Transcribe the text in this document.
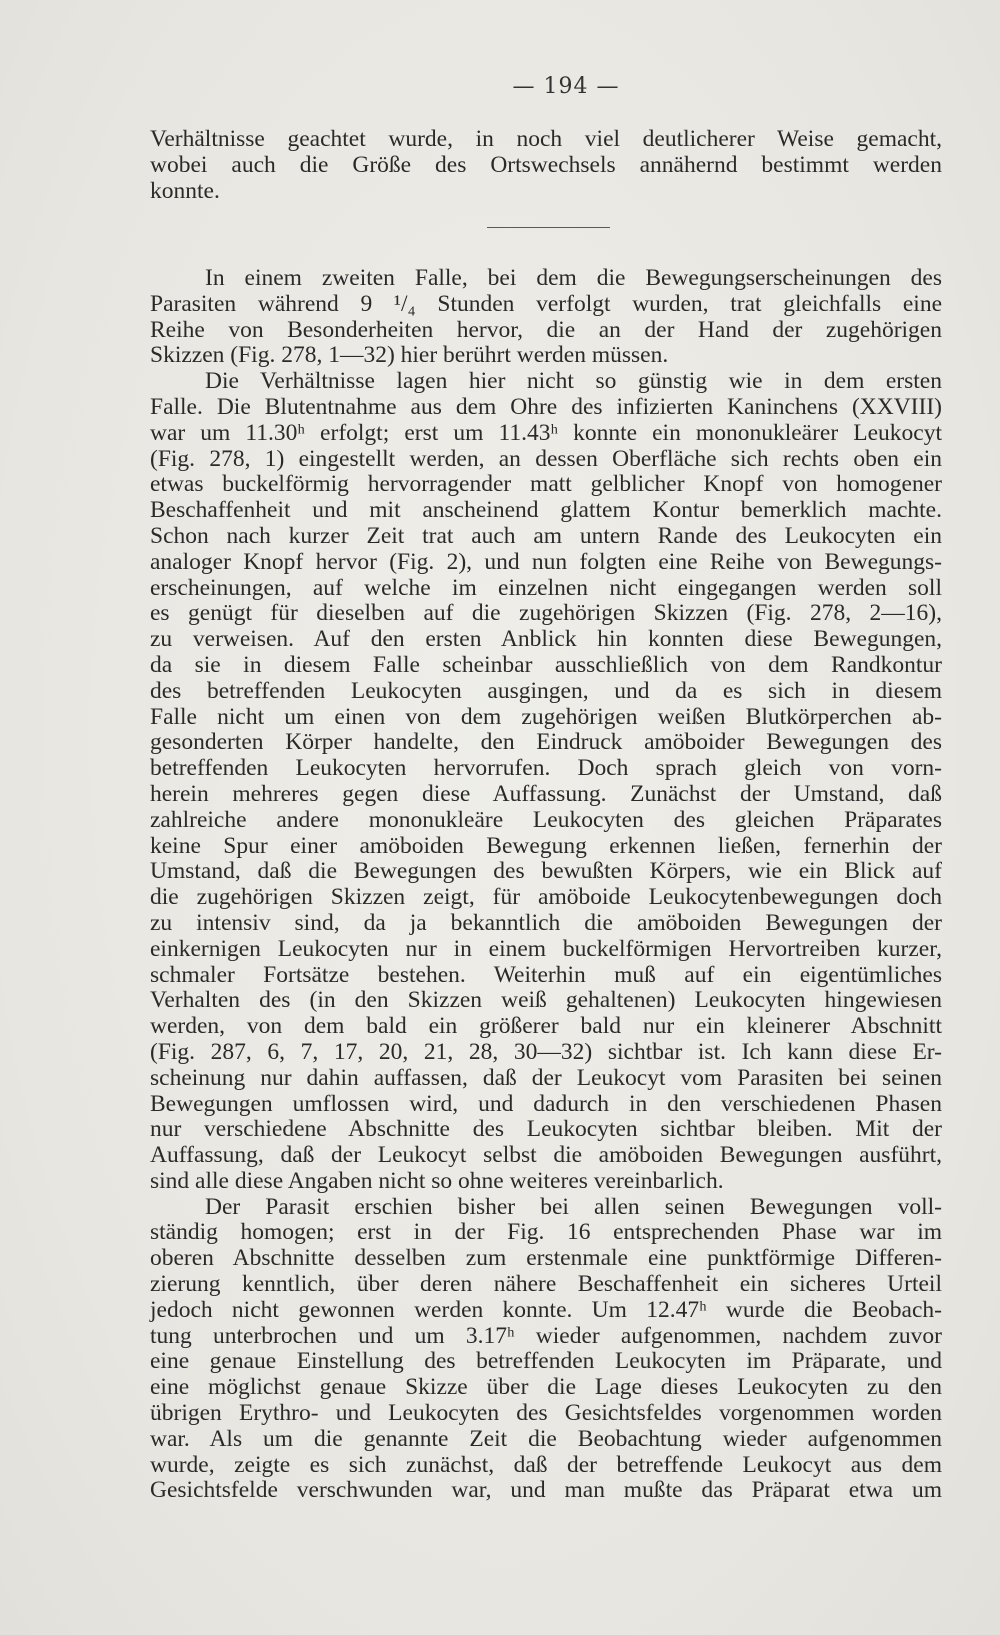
— 194 —
Verhältnisse geachtet wurde, in noch viel deutlicherer Weise gemacht,
wobei auch die Größe des Ortswechsels annähernd bestimmt werden
konnte.
In einem zweiten Falle, bei dem die Bewegungserscheinungen des
Parasiten während 9 ¹/₄ Stunden verfolgt wurden, trat gleichfalls eine
Reihe von Besonderheiten hervor, die an der Hand der zugehörigen
Skizzen (Fig. 278, 1—32) hier berührt werden müssen.
Die Verhältnisse lagen hier nicht so günstig wie in dem ersten
Falle. Die Blutentnahme aus dem Ohre des infizierten Kaninchens (XXVIII)
war um 11.30ʰ erfolgt; erst um 11.43ʰ konnte ein mononukleärer Leukocyt
(Fig. 278, 1) eingestellt werden, an dessen Oberfläche sich rechts oben ein
etwas buckelförmig hervorragender matt gelblicher Knopf von homogener
Beschaffenheit und mit anscheinend glattem Kontur bemerklich machte.
Schon nach kurzer Zeit trat auch am untern Rande des Leukocyten ein
analoger Knopf hervor (Fig. 2), und nun folgten eine Reihe von Bewegungs-
erscheinungen, auf welche im einzelnen nicht eingegangen werden soll
es genügt für dieselben auf die zugehörigen Skizzen (Fig. 278, 2—16),
zu verweisen. Auf den ersten Anblick hin konnten diese Bewegungen,
da sie in diesem Falle scheinbar ausschließlich von dem Randkontur
des betreffenden Leukocyten ausgingen, und da es sich in diesem
Falle nicht um einen von dem zugehörigen weißen Blutkörperchen ab-
gesonderten Körper handelte, den Eindruck amöboider Bewegungen des
betreffenden Leukocyten hervorrufen. Doch sprach gleich von vorn-
herein mehreres gegen diese Auffassung. Zunächst der Umstand, daß
zahlreiche andere mononukleäre Leukocyten des gleichen Präparates
keine Spur einer amöboiden Bewegung erkennen ließen, fernerhin der
Umstand, daß die Bewegungen des bewußten Körpers, wie ein Blick auf
die zugehörigen Skizzen zeigt, für amöboide Leukocytenbewegungen doch
zu intensiv sind, da ja bekanntlich die amöboiden Bewegungen der
einkernigen Leukocyten nur in einem buckelförmigen Hervortreiben kurzer,
schmaler Fortsätze bestehen. Weiterhin muß auf ein eigentümliches
Verhalten des (in den Skizzen weiß gehaltenen) Leukocyten hingewiesen
werden, von dem bald ein größerer bald nur ein kleinerer Abschnitt
(Fig. 287, 6, 7, 17, 20, 21, 28, 30—32) sichtbar ist. Ich kann diese Er-
scheinung nur dahin auffassen, daß der Leukocyt vom Parasiten bei seinen
Bewegungen umflossen wird, und dadurch in den verschiedenen Phasen
nur verschiedene Abschnitte des Leukocyten sichtbar bleiben. Mit der
Auffassung, daß der Leukocyt selbst die amöboiden Bewegungen ausführt,
sind alle diese Angaben nicht so ohne weiteres vereinbarlich.
Der Parasit erschien bisher bei allen seinen Bewegungen voll-
ständig homogen; erst in der Fig. 16 entsprechenden Phase war im
oberen Abschnitte desselben zum erstenmale eine punktförmige Differen-
zierung kenntlich, über deren nähere Beschaffenheit ein sicheres Urteil
jedoch nicht gewonnen werden konnte. Um 12.47ʰ wurde die Beobach-
tung unterbrochen und um 3.17ʰ wieder aufgenommen, nachdem zuvor
eine genaue Einstellung des betreffenden Leukocyten im Präparate, und
eine möglichst genaue Skizze über die Lage dieses Leukocyten zu den
übrigen Erythro- und Leukocyten des Gesichtsfeldes vorgenommen worden
war. Als um die genannte Zeit die Beobachtung wieder aufgenommen
wurde, zeigte es sich zunächst, daß der betreffende Leukocyt aus dem
Gesichtsfelde verschwunden war, und man mußte das Präparat etwa um
